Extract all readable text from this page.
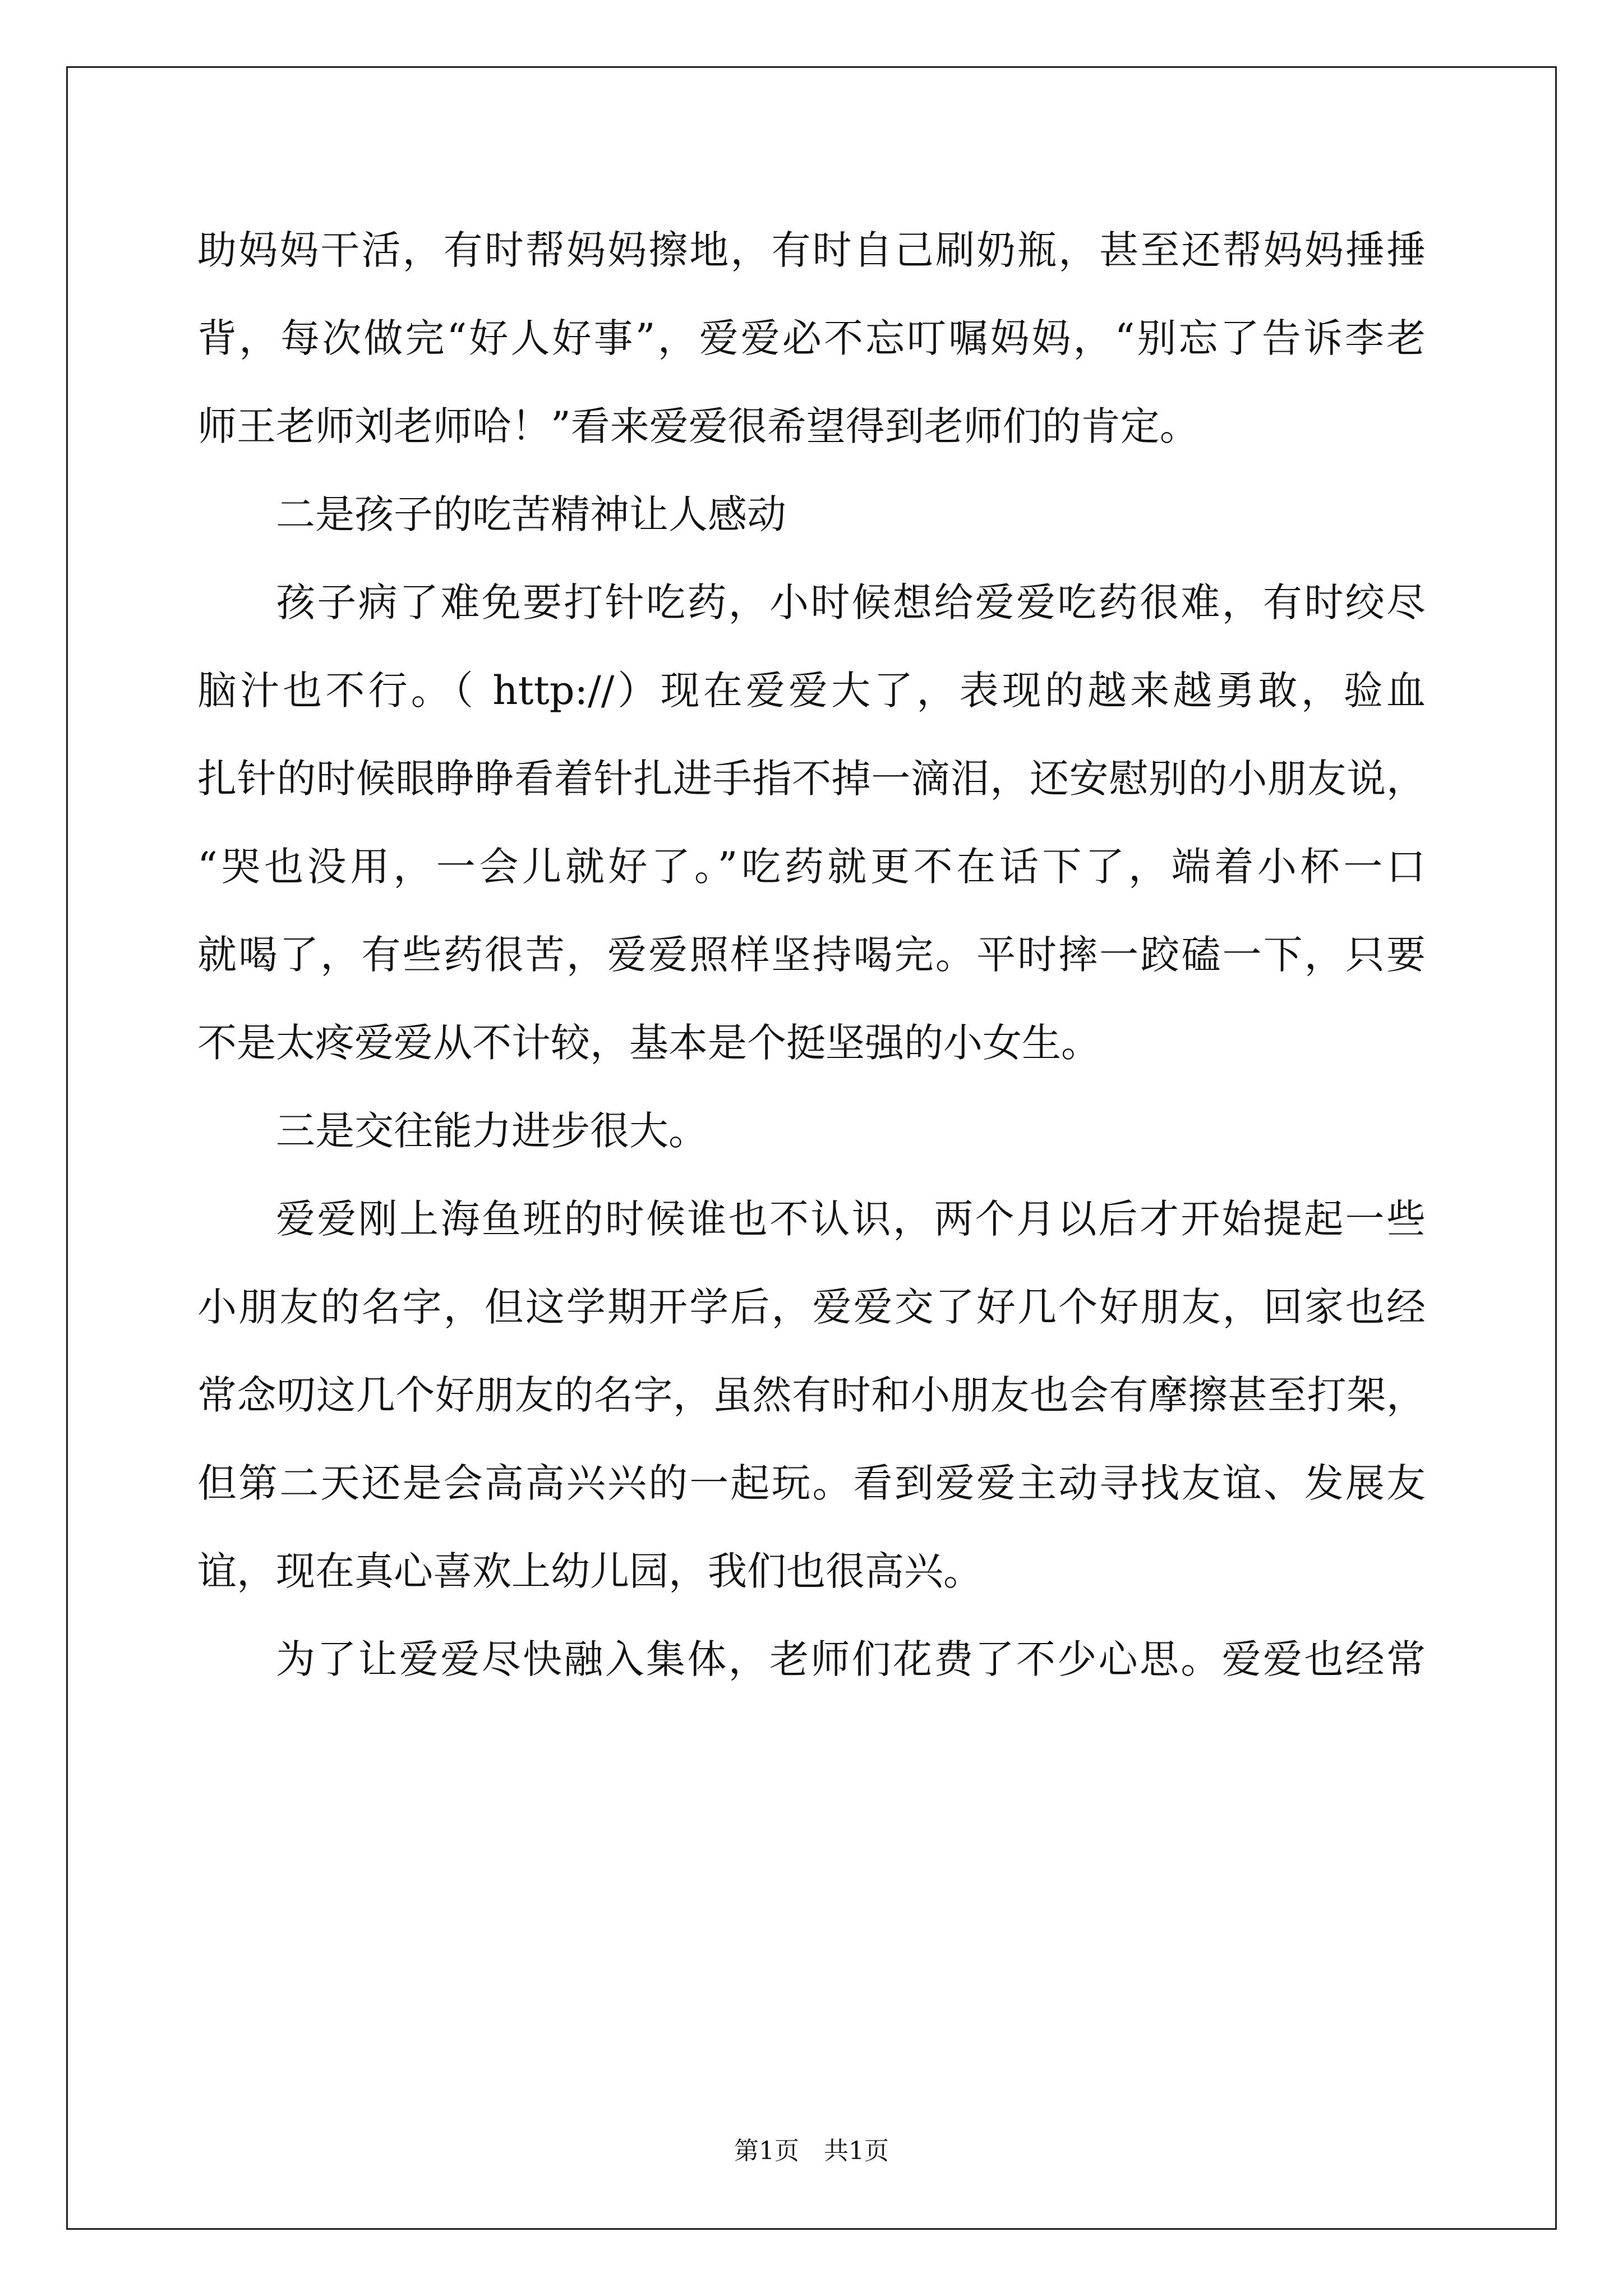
助妈妈干活，有时帮妈妈擦地，有时自己刷奶瓶，甚至还帮妈妈捶捶
背，每次做完“好人好事”，爱爱必不忘叮嘱妈妈，“别忘了告诉李老
师王老师刘老师哈！”看来爱爱很希望得到老师们的肯定。
二是孩子的吃苦精神让人感动
孩子病了难免要打针吃药，小时候想给爱爱吃药很难，有时绞尽
脑汁也不行。（ http://）现在爱爱大了，表现的越来越勇敢，验血
扎针的时候眼睁睁看着针扎进手指不掉一滴泪，还安慰别的小朋友说，
“哭也没用，一会儿就好了。”吃药就更不在话下了，端着小杯一口
就喝了，有些药很苦，爱爱照样坚持喝完。平时摔一跤磕一下，只要
不是太疼爱爱从不计较，基本是个挺坚强的小女生。
三是交往能力进步很大。
爱爱刚上海鱼班的时候谁也不认识，两个月以后才开始提起一些
小朋友的名字，但这学期开学后，爱爱交了好几个好朋友，回家也经
常念叨这几个好朋友的名字，虽然有时和小朋友也会有摩擦甚至打架，
但第二天还是会高高兴兴的一起玩。看到爱爱主动寻找友谊、发展友
谊，现在真心喜欢上幼儿园，我们也很高兴。
为了让爱爱尽快融入集体，老师们花费了不少心思。爱爱也经常
第1页　共1页
